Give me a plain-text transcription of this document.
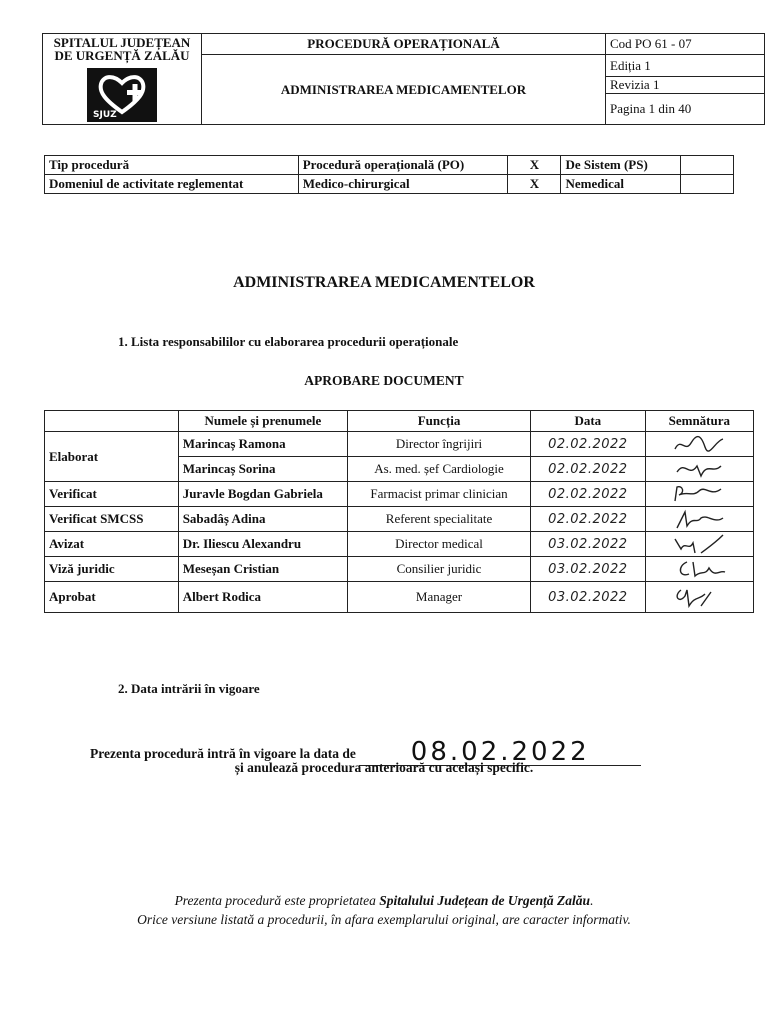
SPITALUL JUDEȚEAN
DE URGENȚĂ ZALĂU
SJUZ	PROCEDURĂ OPERAȚIONALĂ	Cod PO 61 - 07
	ADMINISTRAREA MEDICAMENTELOR	Ediția 1
		Revizia 1
		Pagina 1 din 40
Tip procedură	Procedură operațională (PO)	X	De Sistem (PS)	
Domeniul de activitate reglementat	Medico-chirurgical	X	Nemedical	
ADMINISTRAREA MEDICAMENTELOR
1. Lista responsabililor cu elaborarea procedurii operaționale
APROBARE DOCUMENT
	Numele și prenumele	Funcția	Data	Semnătura
Elaborat	Marincaș Ramona	Director îngrijiri	02.02.2022	
	Marincaș Sorina	As. med. șef Cardiologie	02.02.2022	
Verificat	Juravle Bogdan Gabriela	Farmacist primar clinician	02.02.2022	
Verificat SMCSS	Sabadâș Adina	Referent specialitate	02.02.2022	
Avizat	Dr. Iliescu Alexandru	Director medical	03.02.2022	
Viză juridic	Meseșan Cristian	Consilier juridic	03.02.2022	
Aprobat	Albert Rodica	Manager	03.02.2022	
2. Data intrării în vigoare
Prezenta procedură intră în vigoare la data de 08.02.2022
și anulează procedura anterioară cu același specific.
Prezenta procedură este proprietatea Spitalului Județean de Urgență Zalău.
Orice versiune listată a procedurii, în afara exemplarului original, are caracter informativ.
